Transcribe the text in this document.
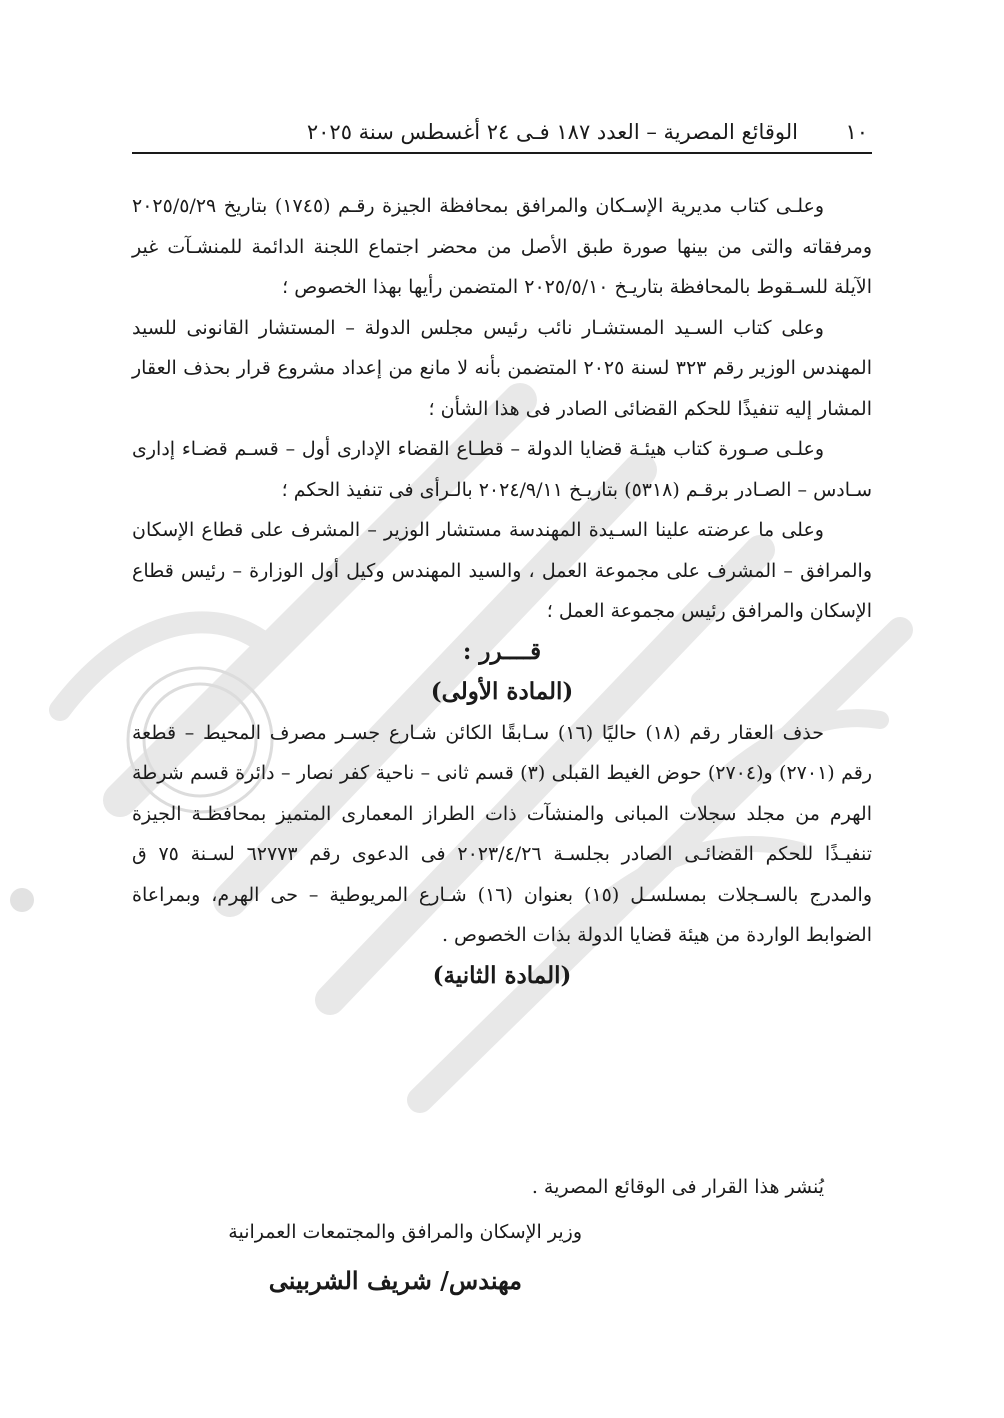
١٠
الوقائع المصرية – العدد ١٨٧ فـى ٢٤ أغسطس سنة ٢٠٢٥

وعلـى كتاب مديرية الإسـكان والمرافق بمحافظة الجيزة رقـم (١٧٤٥) بتاريخ ٢٠٢٥/٥/٢٩ ومرفقاته والتى من بينها صورة طبق الأصل من محضر اجتماع اللجنة الدائمة للمنشـآت غير الآيلة للسـقوط بالمحافظة بتاريـخ ٢٠٢٥/٥/١٠ المتضمن رأيها بهذا الخصوص ؛

وعلى كتاب السـيد المستشـار نائب رئيس مجلس الدولة – المستشار القانونى للسيد المهندس الوزير رقم ٣٢٣ لسنة ٢٠٢٥ المتضمن بأنه لا مانع من إعداد مشروع قرار بحذف العقار المشار إليه تنفيذًا للحكم القضائى الصادر فى هذا الشأن ؛

وعلـى صـورة كتاب هيئـة قضايا الدولة – قطـاع القضاء الإدارى أول – قسـم قضـاء إدارى سـادس – الصـادر برقـم (٥٣١٨) بتاريـخ ٢٠٢٤/٩/١١ بالـرأى فى تنفيذ الحكم ؛

وعلى ما عرضته علينا السـيدة المهندسة مستشار الوزير – المشرف على قطاع الإسكان والمرافق – المشرف على مجموعة العمل ، والسيد المهندس وكيل أول الوزارة – رئيس قطاع الإسكان والمرافق رئيس مجموعة العمل ؛

قــــرر :

(المادة الأولى)

حذف العقار رقم (١٨) حاليًا (١٦) سـابقًا الكائن شـارع جسـر مصرف المحيط – قطعة رقم (٢٧٠١) و(٢٧٠٤) حوض الغيط القبلى (٣) قسم ثانى – ناحية كفر نصار – دائرة قسم شرطة الهرم من مجلد سجلات المبانى والمنشآت ذات الطراز المعمارى المتميز بمحافظـة الجيزة تنفيـذًا للحكم القضائـى الصادر بجلسـة ٢٠٢٣/٤/٢٦ فى الدعوى رقم ٦٢٧٧٣ لسـنة ٧٥ ق والمدرج بالسـجلات بمسلسـل (١٥) بعنوان (١٦) شـارع المريوطية – حى الهرم، وبمراعاة الضوابط الواردة من هيئة قضايا الدولة بذات الخصوص .

(المادة الثانية)

يُنشر هذا القرار فى الوقائع المصرية .
وزير الإسكان والمرافق والمجتمعات العمرانية
مهندس/ شريف الشربينى
